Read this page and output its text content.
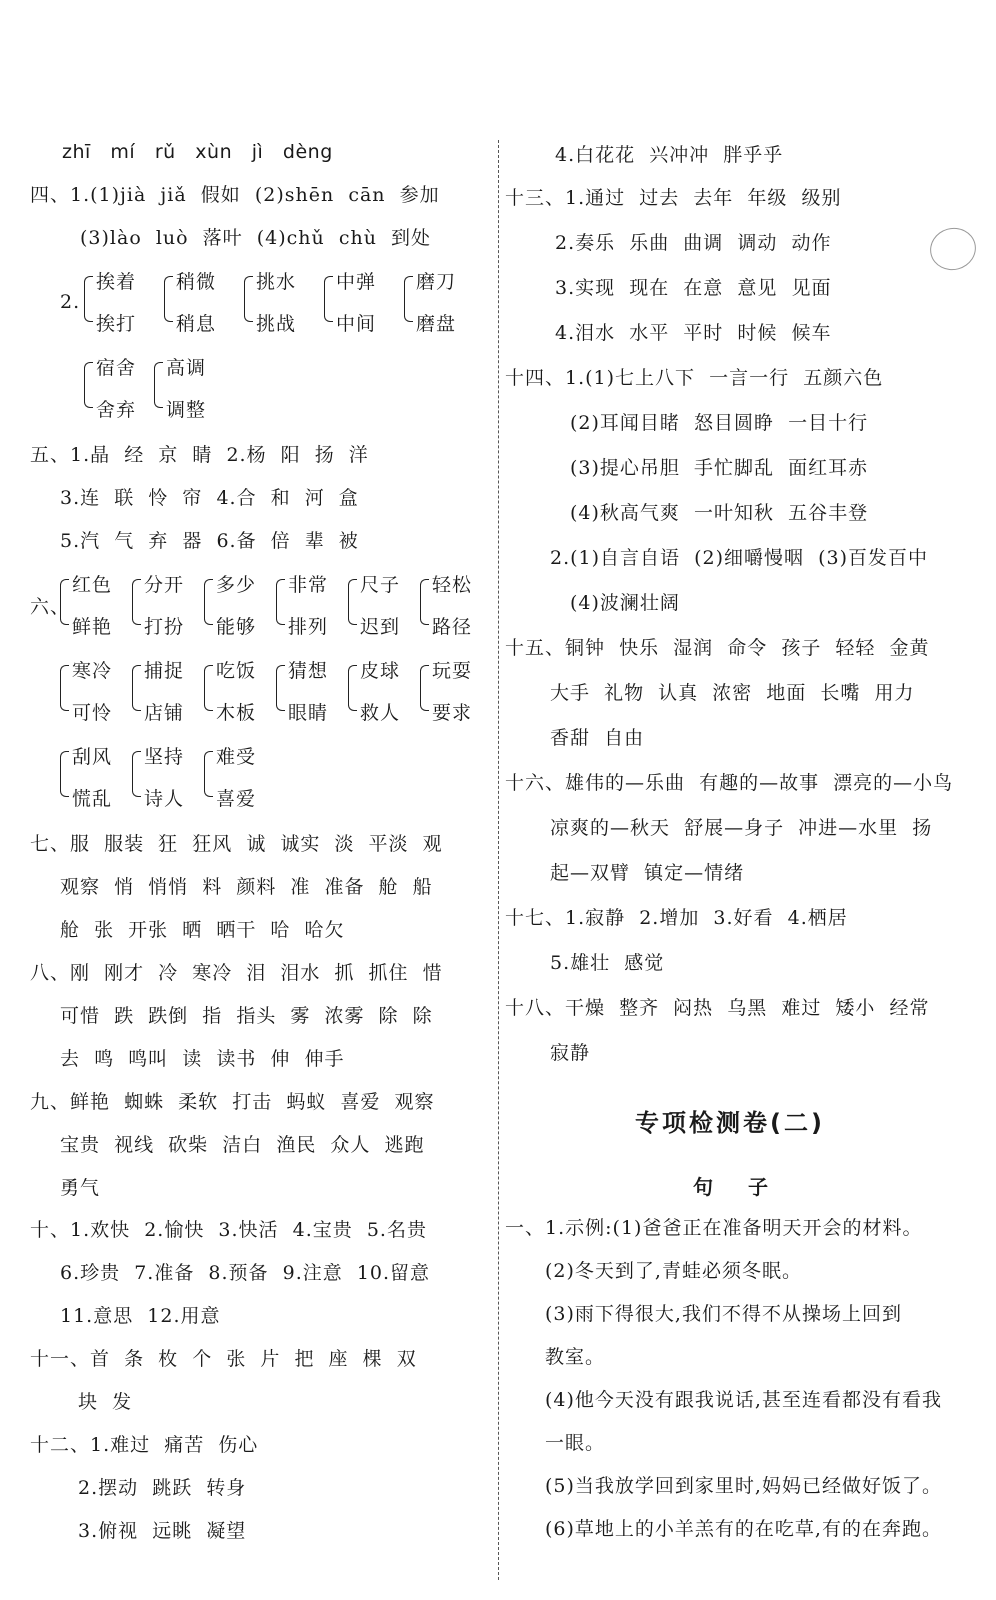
zhī   mí   rǔ   xùn   jì   dèng
四、1.(1)jià  jiǎ  假如  (2)shēn  cān  参加
(3)lào  luò  落叶  (4)chǔ  chù  到处
2.
挨着
挨打
稍微
稍息
挑水
挑战
中弹
中间
磨刀
磨盘
宿舍
舍弃
高调
调整
五、1.晶  经  京  睛  2.杨  阳  扬  洋
3.连  联  怜  帘  4.合  和  河  盒
5.汽  气  弃  器  6.备  倍  辈  被
六、
红色
鲜艳
分开
打扮
多少
能够
非常
排列
尺子
迟到
轻松
路径
寒冷
可怜
捕捉
店铺
吃饭
木板
猜想
眼睛
皮球
救人
玩耍
要求
刮风
慌乱
坚持
诗人
难受
喜爱
七、服  服装  狂  狂风  诚  诚实  淡  平淡  观
观察  悄  悄悄  料  颜料  准  准备  舱  船
舱  张  开张  晒  晒干  哈  哈欠
八、刚  刚才  冷  寒冷  泪  泪水  抓  抓住  惜
可惜  跌  跌倒  指  指头  雾  浓雾  除  除
去  鸣  鸣叫  读  读书  伸  伸手
九、鲜艳  蜘蛛  柔软  打击  蚂蚁  喜爱  观察
宝贵  视线  砍柴  洁白  渔民  众人  逃跑
勇气
十、1.欢快  2.愉快  3.快活  4.宝贵  5.名贵
6.珍贵  7.准备  8.预备  9.注意  10.留意
11.意思  12.用意
十一、首  条  枚  个  张  片  把  座  棵  双
块  发
十二、1.难过  痛苦  伤心
2.摆动  跳跃  转身
3.俯视  远眺  凝望
4.白花花  兴冲冲  胖乎乎
十三、1.通过  过去  去年  年级  级别
2.奏乐  乐曲  曲调  调动  动作
3.实现  现在  在意  意见  见面
4.泪水  水平  平时  时候  候车
十四、1.(1)七上八下  一言一行  五颜六色
(2)耳闻目睹  怒目圆睁  一目十行
(3)提心吊胆  手忙脚乱  面红耳赤
(4)秋高气爽  一叶知秋  五谷丰登
2.(1)自言自语  (2)细嚼慢咽  (3)百发百中
(4)波澜壮阔
十五、铜钟  快乐  湿润  命令  孩子  轻轻  金黄
大手  礼物  认真  浓密  地面  长嘴  用力
香甜  自由
十六、雄伟的—乐曲  有趣的—故事  漂亮的—小鸟
凉爽的—秋天  舒展—身子  冲进—水里  扬
起—双臂  镇定—情绪
十七、1.寂静  2.增加  3.好看  4.栖居
5.雄壮  感觉
十八、干燥  整齐  闷热  乌黑  难过  矮小  经常
寂静
专项检测卷(二)
句 子
一、1.示例:(1)爸爸正在准备明天开会的材料。
(2)冬天到了,青蛙必须冬眠。
(3)雨下得很大,我们不得不从操场上回到
教室。
(4)他今天没有跟我说话,甚至连看都没有看我
一眼。
(5)当我放学回到家里时,妈妈已经做好饭了。
(6)草地上的小羊羔有的在吃草,有的在奔跑。
